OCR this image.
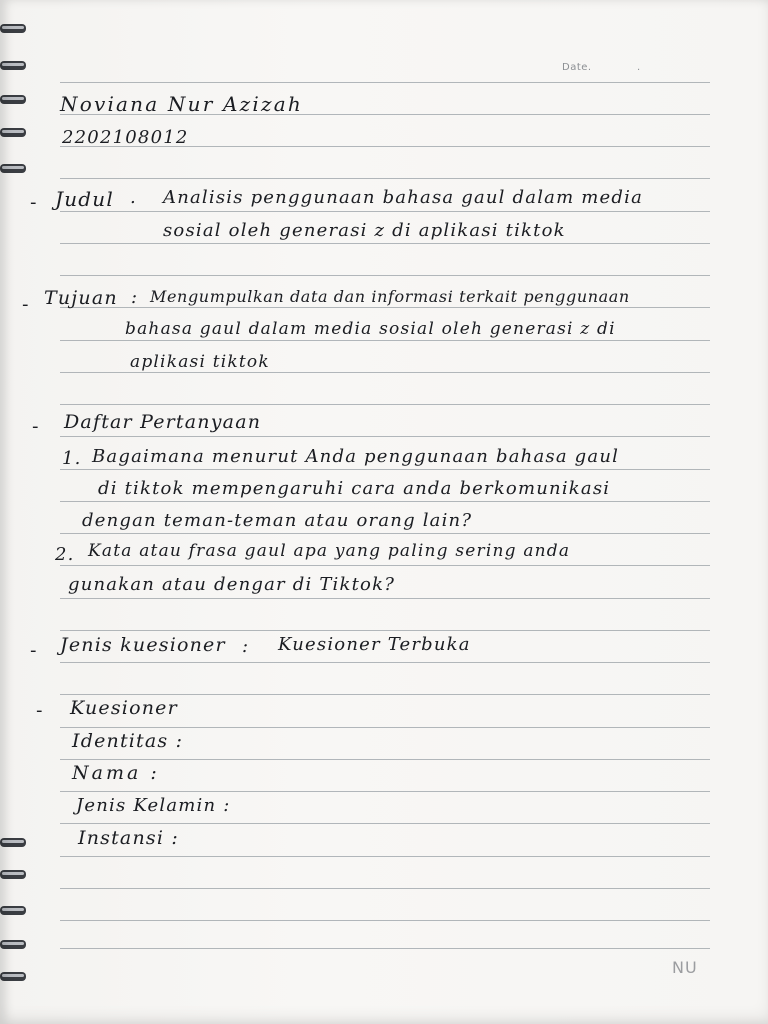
Date.	.
Noviana Nur Azizah
2202108012
- Judul . Analisis penggunaan bahasa gaul dalam media
sosial oleh generasi z di aplikasi tiktok
- Tujuan : Mengumpulkan data dan informasi terkait penggunaan
bahasa gaul dalam media sosial oleh generasi z di
aplikasi tiktok
- Daftar Pertanyaan
1. Bagaimana menurut Anda penggunaan bahasa gaul
di tiktok mempengaruhi cara anda berkomunikasi
dengan teman-teman atau orang lain?
2. Kata atau frasa gaul apa yang paling sering anda
gunakan atau dengar di Tiktok?
- Jenis kuesioner : Kuesioner Terbuka
- Kuesioner
Identitas :
Nama :
Jenis Kelamin :
Instansi :
NU
